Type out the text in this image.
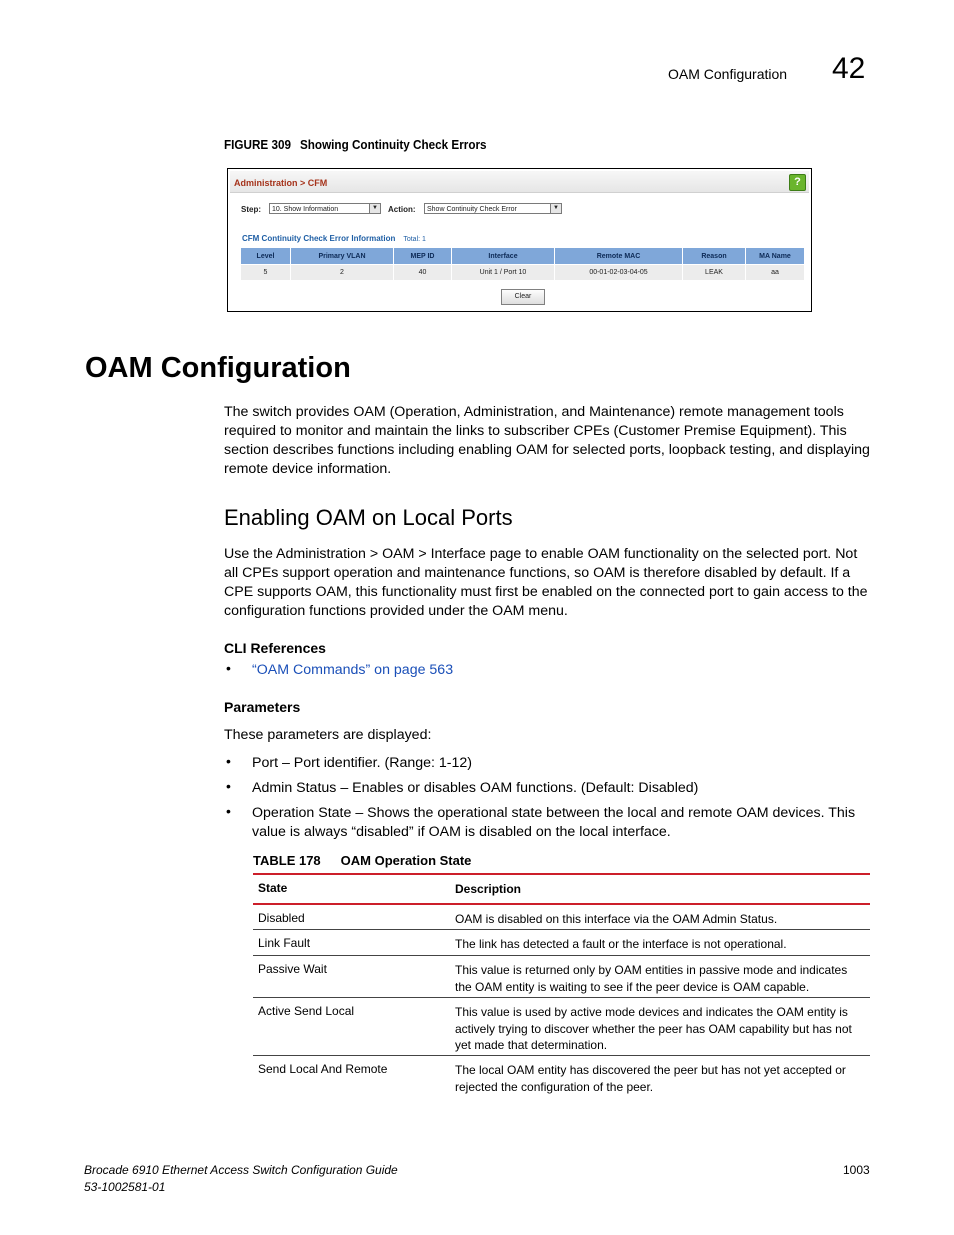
OAM Configuration 42
FIGURE 309 Showing Continuity Check Errors
Administration > CFM	?
Step:	10. Show Information	▼ Action:	Show Continuity Check Error	▼
CFM Continuity Check Error Information Total: 1
Level	Primary VLAN	MEP ID	Interface	Remote MAC	Reason	MA Name
5	2	40	Unit 1 / Port 10	00-01-02-03-04-05	LEAK	aa
Clear
OAM Configuration
The switch provides OAM (Operation, Administration, and Maintenance) remote management tools required to monitor and maintain the links to subscriber CPEs (Customer Premise Equipment). This section describes functions including enabling OAM for selected ports, loopback testing, and displaying remote device information.
Enabling OAM on Local Ports
Use the Administration > OAM > Interface page to enable OAM functionality on the selected port. Not all CPEs support operation and maintenance functions, so OAM is therefore disabled by default. If a CPE supports OAM, this functionality must first be enabled on the connected port to gain access to the configuration functions provided under the OAM menu.
CLI References
• “OAM Commands” on page 563
Parameters
These parameters are displayed:
• Port – Port identifier. (Range: 1-12)
• Admin Status – Enables or disables OAM functions. (Default: Disabled)
• Operation State – Shows the operational state between the local and remote OAM devices. This value is always “disabled” if OAM is disabled on the local interface.
TABLE 178 OAM Operation State
State	Description
Disabled	OAM is disabled on this interface via the OAM Admin Status.
Link Fault	The link has detected a fault or the interface is not operational.
Passive Wait	This value is returned only by OAM entities in passive mode and indicates the OAM entity is waiting to see if the peer device is OAM capable.
Active Send Local	This value is used by active mode devices and indicates the OAM entity is actively trying to discover whether the peer has OAM capability but has not yet made that determination.
Send Local And Remote	The local OAM entity has discovered the peer but has not yet accepted or rejected the configuration of the peer.
Brocade 6910 Ethernet Access Switch Configuration Guide
53-1002581-01
1003
